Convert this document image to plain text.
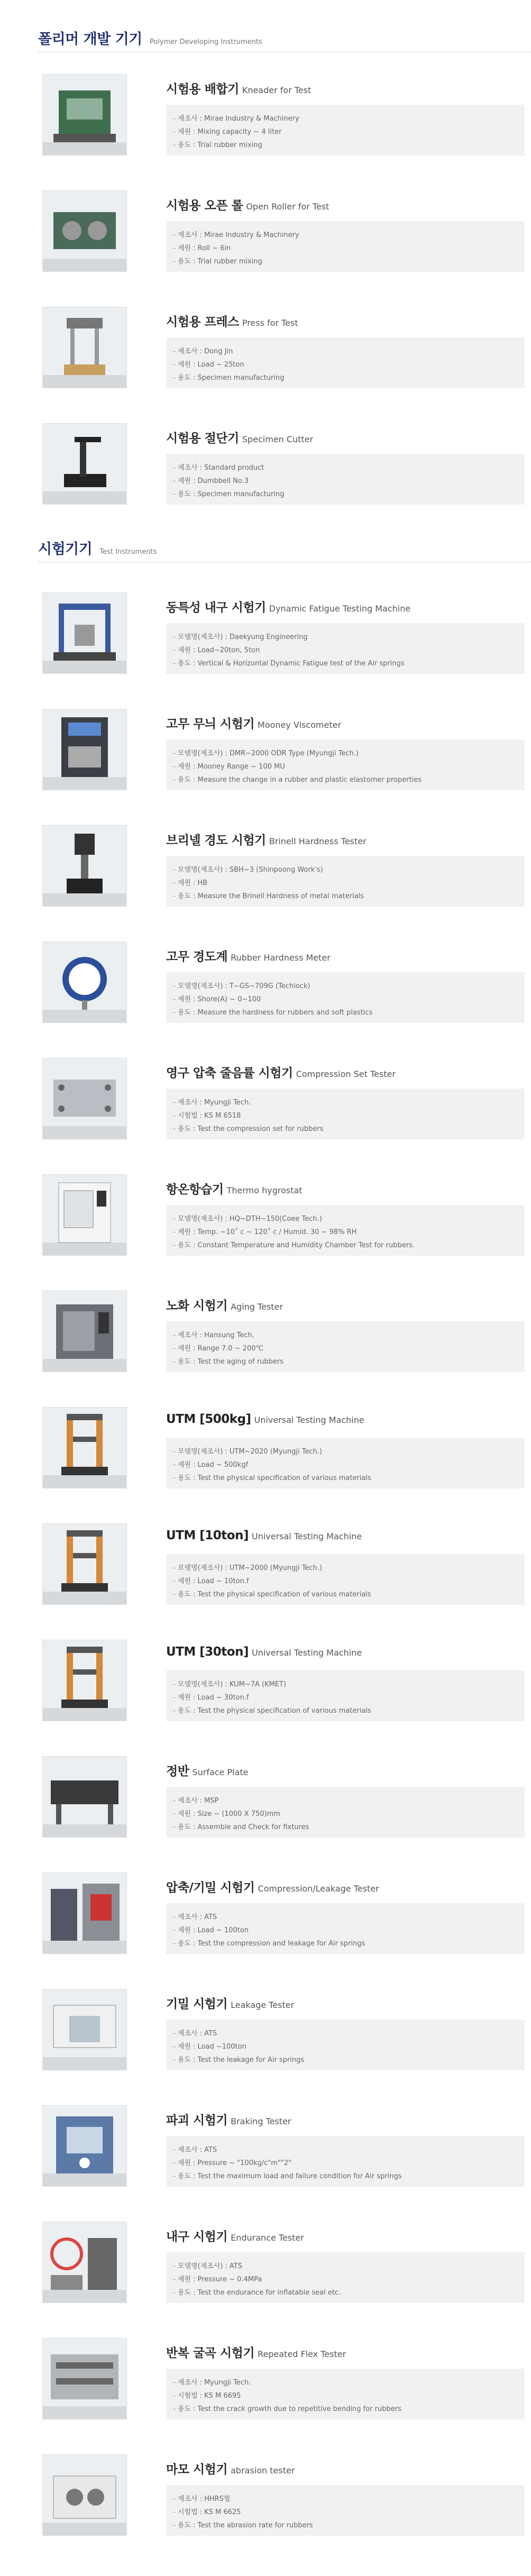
폴리머 개발 기기 Polymer Developing Instruments
시험기기 Test Instruments
시험용 배합기 Kneader for Test
- 제조사 : Mirae Industry & Machinery
- 제원 : Mixing capacity ~ 4 liter
- 용도 : Trial rubber mixing
시험용 오픈 롤 Open Roller for Test
- 제조사 : Mirae Industry & Machinery
- 제원 : Roll ~ 6in
- 용도 : Trial rubber mixing
시험용 프레스 Press for Test
- 제조사 : Dong Jin
- 제원 : Load ~ 25ton
- 용도 : Specimen manufacturing
시험용 절단기 Specimen Cutter
- 제조사 : Standard product
- 제원 : Dumbbell No.3
- 용도 : Specimen manufacturing
동특성 내구 시험기 Dynamic Fatigue Testing Machine
- 모델명(제조사) : Daekyung Engineering
- 제원 : Load~20ton, 5ton
- 용도 : Vertical & Horizontal Dynamic Fatigue test of the Air springs
고무 무늬 시험기 Mooney Viscometer
- 모델명(제조사) : DMR~2000 ODR Type (Myungji Tech.)
- 제원 : Mooney Range ~ 100 MU
- 용도 : Measure the change in a rubber and plastic elastomer properties
브리넬 경도 시험기 Brinell Hardness Tester
- 모델명(제조사) : SBH~3 (Shinpoong Work's)
- 제원 : HB
- 용도 : Measure the Brinell Hardness of metal materials
고무 경도계 Rubber Hardness Meter
- 모델명(제조사) : T~GS~709G (Techlock)
- 제원 : Shore(A) ~ 0~100
- 용도 : Measure the hardness for rubbers and soft plastics
영구 압축 줄음률 시험기 Compression Set Tester
- 제조사 : Myungji Tech.
- 시험법 : KS M 6518
- 용도 : Test the compression set for rubbers
항온항습기 Thermo hygrostat
- 모델명(제조사) : HQ~DTH~150(Coee Tech.)
- 제원 : Temp. ~10˚ c ~ 120˚ c / Humid. 30 ~ 98% RH
- 용도 : Constant Temperature and Humidity Chamber Test for rubbers.
노화 시험기 Aging Tester
- 제조사 : Hansung Tech.
- 제원 : Range 7.0 ~ 200℃
- 용도 : Test the aging of rubbers
UTM [500kg] Universal Testing Machine
- 모델명(제조사) : UTM~2020 (Myungji Tech.)
- 제원 : Load ~ 500kgf
- 용도 : Test the physical specification of various materials
UTM [10ton] Universal Testing Machine
- 모델명(제조사) : UTM~2000 (Myungji Tech.)
- 제원 : Load ~ 10ton.f
- 용도 : Test the physical specification of various materials
UTM [30ton] Universal Testing Machine
- 모델명(제조사) : KUM~7A (KMET)
- 제원 : Load ~ 30ton.f
- 용도 : Test the physical specification of various materials
정반 Surface Plate
- 제조사 : MSP
- 제원 : Size ~ (1000 X 750)mm
- 용도 : Assemble and Check for fixtures
압축/기밀 시험기 Compression/Leakage Tester
- 제조사 : ATS
- 제원 : Load ~ 100ton
- 용도 : Test the compression and leakage for Air springs
기밀 시험기 Leakage Tester
- 제조사 : ATS
- 제원 : Load ~100ton
- 용도 : Test the leakage for Air springs
파괴 시험기 Braking Tester
- 제조사 : ATS
- 제원 : Pressure ~ "100kg/c"m""2"
- 용도 : Test the maximum load and failure condition for Air springs
내구 시험기 Endurance Tester
- 모델명(제조사) : ATS
- 제원 : Pressure ~ 0.4MPa
- 용도 : Test the endurance for inflatable seal etc.
반복 굴곡 시험기 Repeated Flex Tester
- 제조사 : Myungji Tech.
- 시험법 : KS M 6695
- 용도 : Test the crack growth due to repetitive bending for rubbers
마모 시험기 abrasion tester
- 제조사 : HHRS협
- 시험법 : KS M 6625
- 용도 : Test the abrasion rate for rubbers
